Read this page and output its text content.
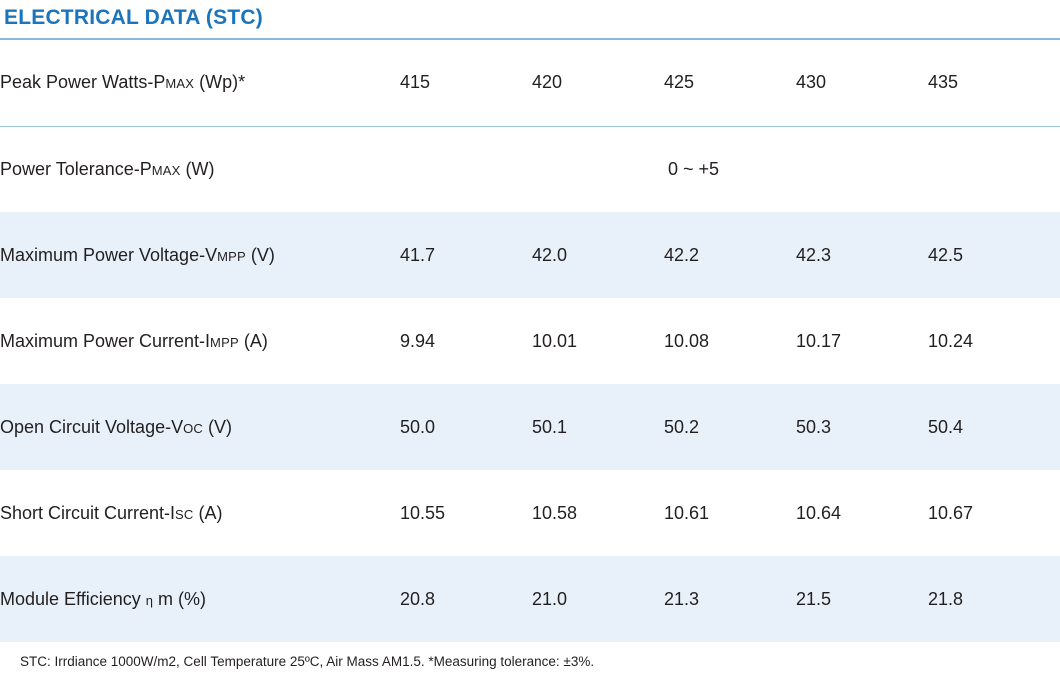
ELECTRICAL DATA (STC)
Peak Power Watts-PMAX (Wp)*	415	420	425	430	435
Power Tolerance-PMAX (W)	0 ~ +5				
Maximum Power Voltage-VMPP (V)	41.7	42.0	42.2	42.3	42.5
Maximum Power Current-IMPP (A)	9.94	10.01	10.08	10.17	10.24
Open Circuit Voltage-VOC (V)	50.0	50.1	50.2	50.3	50.4
Short Circuit Current-ISC (A)	10.55	10.58	10.61	10.64	10.67
Module Efficiency η m (%)	20.8	21.0	21.3	21.5	21.8
STC: Irrdiance 1000W/m2, Cell Temperature 25ºC, Air Mass AM1.5. *Measuring tolerance: ±3%.
